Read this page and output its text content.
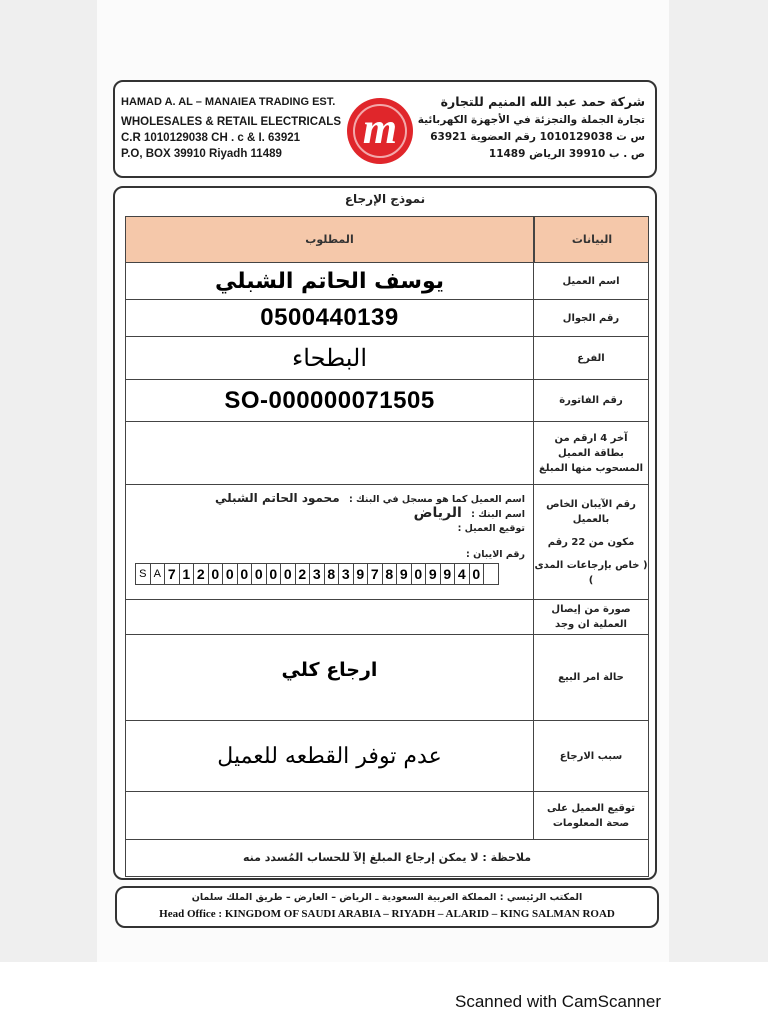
HAMAD A. AL – MANAIEA TRADING EST.
WHOLESALES & RETAIL ELECTRICALS
C.R 1010129038 CH . c & I. 63921
P.O, BOX 39910 Riyadh 11489
m
شركة حمد عبد الله المنيم للتجارة
تجارة الجملة والتجزئة في الأجهزة الكهربائية
س ت 1010129038 رقم العضوية 63921
ص . ب 39910 الرياض 11489
نموذج الإرجاع
المطلوب	البيانات
اسم العميل
يوسف الحاتم الشبلي
رقم الجوال
0500440139
الفرع
البطحاء
رقم الفاتورة
SO-000000071505
آخر 4 ارقم من بطاقة العميل المسحوب منها المبلغ
رقم الآيبان الخاص بالعميل
مكون من 22 رقم
( خاص بإرجاعات المدى )
اسم العميل كما هو مسجل في البنك : محمود الحاتم الشبلي
اسم البنك : الرياض
توقيع العميل :
رقم الايبان :
S A 7 1 2 0 0 0 0 0 0 2 3 8 3 9 7 8 9 0 9 9 4 0
صورة من إيصال العملية ان وجد
حالة امر البيع
ارجاع كلي
سبب الارجاع
عدم توفر القطعه للعميل
توقيع العميل على صحة المعلومات
ملاحظة : لا يمكن إرجاع المبلغ إلآ للحساب المُسدد منه
المكتب الرئيسي : المملكة العربية السعودية ـ الرياض – العارض – طريق الملك سلمان
Head Office : KINGDOM OF SAUDI ARABIA – RIYADH – ALARID – KING SALMAN ROAD
Scanned with CamScanner
